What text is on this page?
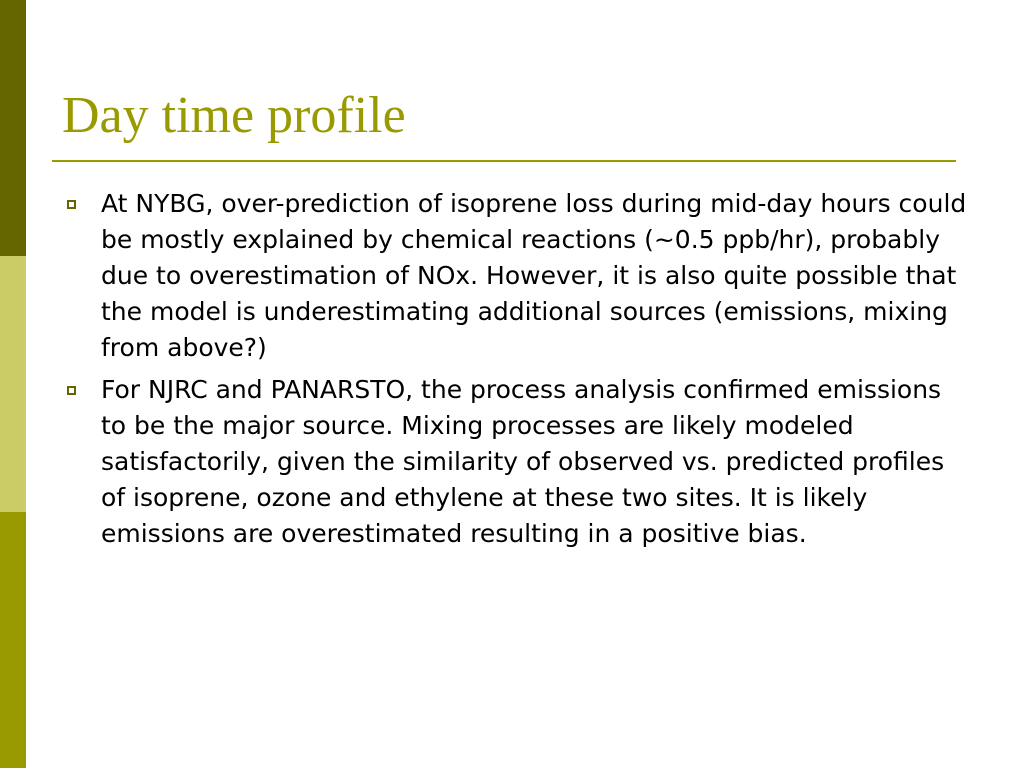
Day time profile
At NYBG, over-prediction of isoprene loss during mid-day hours could be mostly explained by chemical reactions (~0.5 ppb/hr), probably due to overestimation of NOx. However, it is also quite possible that the model is underestimating additional sources (emissions, mixing from above?)
For NJRC and PANARSTO, the process analysis confirmed emissions to be the major source. Mixing processes are likely modeled satisfactorily, given the similarity of observed vs. predicted profiles of isoprene, ozone and ethylene at these two sites. It is likely emissions are overestimated resulting in a positive bias.
